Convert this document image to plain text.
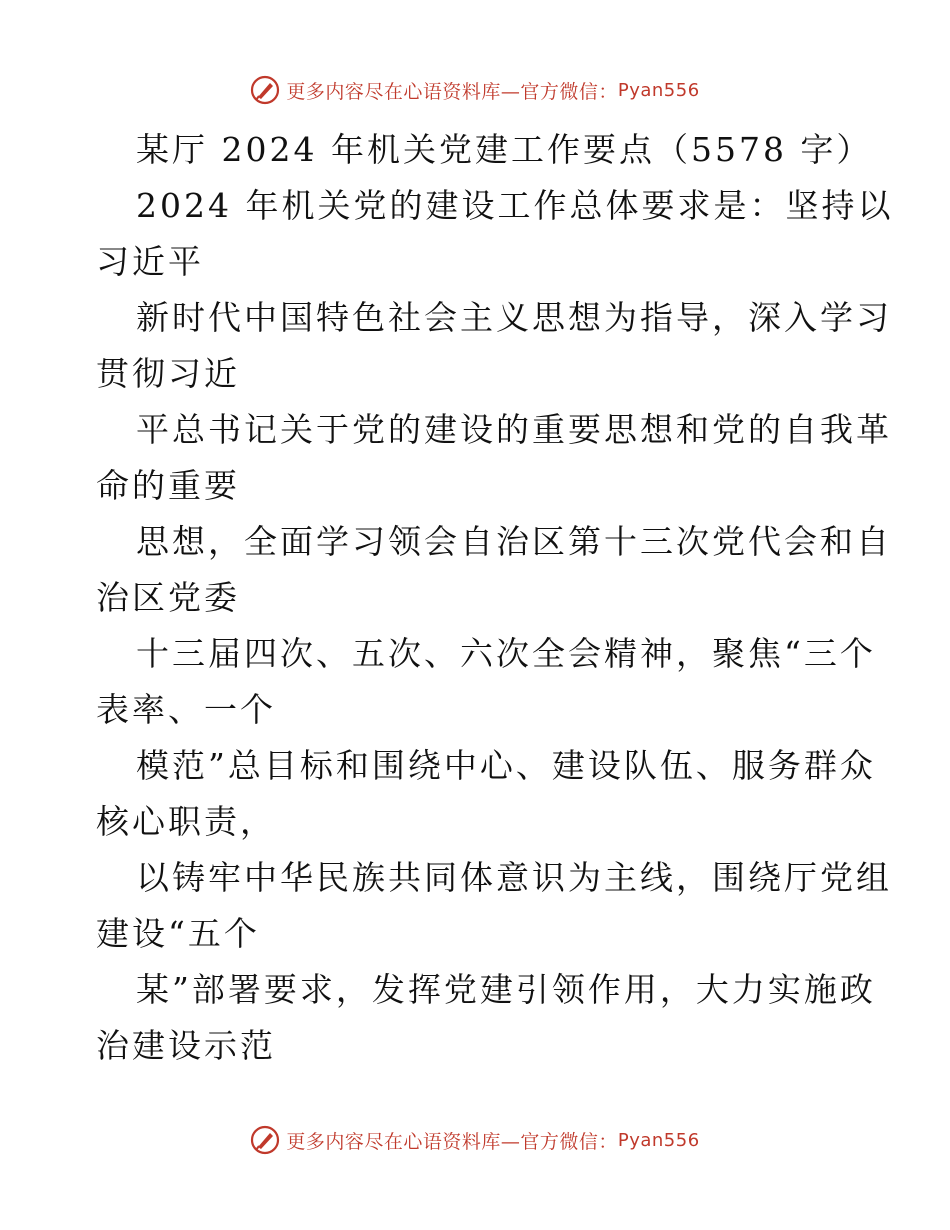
更多内容尽在心语资料库—官方微信： Pyan556
某厅 2024 年机关党建工作要点（5578 字）
2024 年机关党的建设工作总体要求是：坚持以
习近平
新时代中国特色社会主义思想为指导，深入学习
贯彻习近
平总书记关于党的建设的重要思想和党的自我革
命的重要
思想，全面学习领会自治区第十三次党代会和自
治区党委
十三届四次、五次、六次全会精神，聚焦“三个
表率、一个
模范”总目标和围绕中心、建设队伍、服务群众
核心职责，
以铸牢中华民族共同体意识为主线，围绕厅党组
建设“五个
某”部署要求，发挥党建引领作用，大力实施政
治建设示范
更多内容尽在心语资料库—官方微信： Pyan556
